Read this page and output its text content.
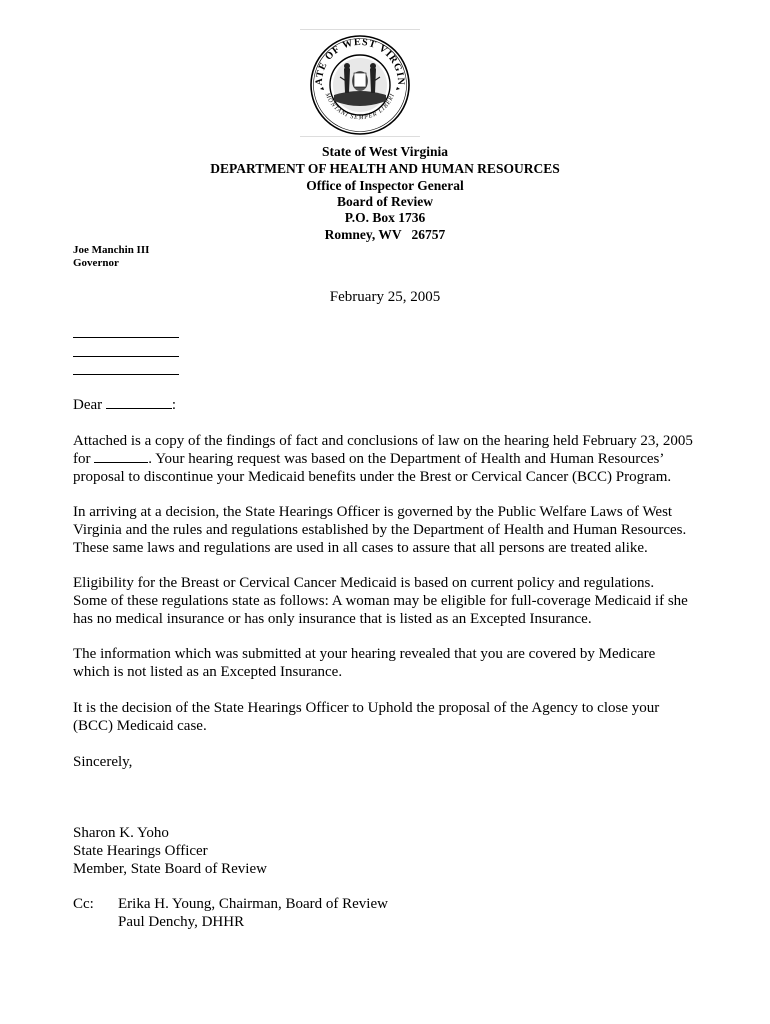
ATE OF WEST VIRGIN
MONTANI SEMPER LIBERI
State of West Virginia
DEPARTMENT OF HEALTH AND HUMAN RESOURCES
Office of Inspector General
Board of Review
P.O. Box 1736
Romney, WV   26757
Joe Manchin III
Governor
February 25, 2005
Dear	:
Attached is a copy of the findings of fact and conclusions of law on the hearing held February 23, 2005
for	. Your hearing request was based on the Department of Health and Human Resources’
proposal to discontinue your Medicaid benefits under the Brest or Cervical Cancer (BCC) Program.
In arriving at a decision, the State Hearings Officer is governed by the Public Welfare Laws of West
Virginia and the rules and regulations established by the Department of Health and Human Resources.
These same laws and regulations are used in all cases to assure that all persons are treated alike.
Eligibility for the Breast or Cervical Cancer Medicaid is based on current policy and regulations.
Some of these regulations state as follows: A woman may be eligible for full-coverage Medicaid if she
has no medical insurance or has only insurance that is listed as an Excepted Insurance.
The information which was submitted at your hearing revealed that you are covered by Medicare
which is not listed as an Excepted Insurance.
It is the decision of the State Hearings Officer to Uphold the proposal of the Agency to close your
(BCC) Medicaid case.
Sincerely,
Sharon K. Yoho
State Hearings Officer
Member, State Board of Review
Cc: Erika H. Young, Chairman, Board of Review
Paul Denchy, DHHR
